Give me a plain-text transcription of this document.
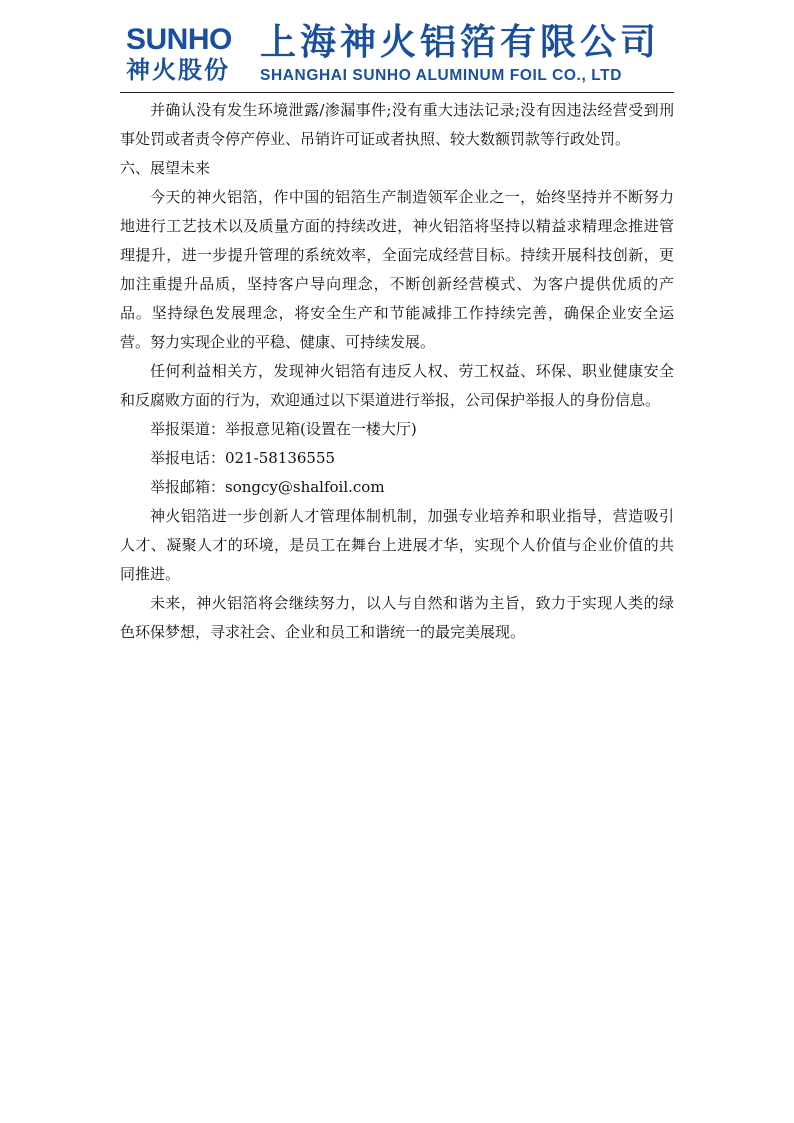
SUNHO
神火股份
上海神火铝箔有限公司
SHANGHAI SUNHO ALUMINUM FOIL CO., LTD

并确认没有发生环境泄露/渗漏事件;没有重大违法记录;没有因违法经营受到刑事处罚或者责令停产停业、吊销许可证或者执照、较大数额罚款等行政处罚。

六、展望未来

今天的神火铝箔，作中国的铝箔生产制造领军企业之一，始终坚持并不断努力地进行工艺技术以及质量方面的持续改进，神火铝箔将坚持以精益求精理念推进管理提升，进一步提升管理的系统效率，全面完成经营目标。持续开展科技创新，更加注重提升品质，坚持客户导向理念，不断创新经营模式、为客户提供优质的产品。坚持绿色发展理念，将安全生产和节能减排工作持续完善，确保企业安全运营。努力实现企业的平稳、健康、可持续发展。

任何利益相关方，发现神火铝箔有违反人权、劳工权益、环保、职业健康安全和反腐败方面的行为，欢迎通过以下渠道进行举报，公司保护举报人的身份信息。

举报渠道：举报意见箱(设置在一楼大厅)

举报电话：021-58136555

举报邮箱：songcy@shalfoil.com

神火铝箔进一步创新人才管理体制机制，加强专业培养和职业指导，营造吸引人才、凝聚人才的环境，是员工在舞台上进展才华，实现个人价值与企业价值的共同推进。

未来，神火铝箔将会继续努力，以人与自然和谐为主旨，致力于实现人类的绿色环保梦想，寻求社会、企业和员工和谐统一的最完美展现。
